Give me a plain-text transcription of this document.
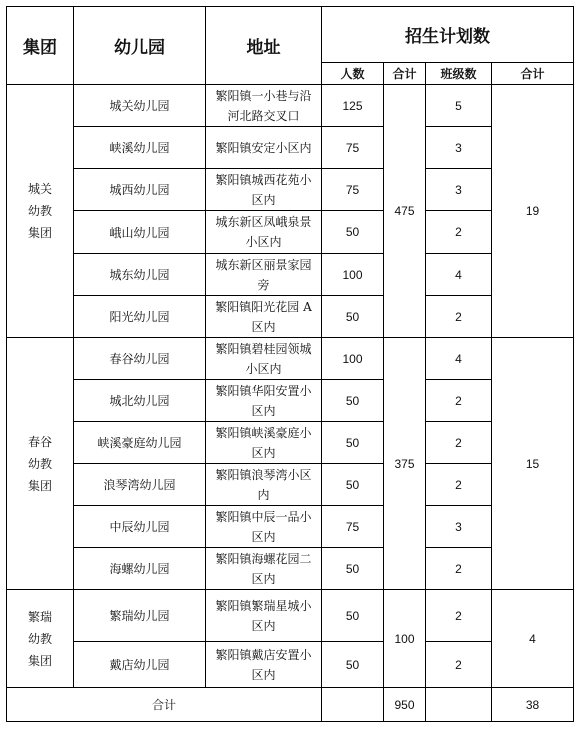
集团	幼儿园	地址	招生计划数			
			人数	合计	班级数	合计
城关幼教集团	城关幼儿园	繁阳镇一小巷与沿河北路交叉口	125	475	5	19
	峡溪幼儿园	繁阳镇安定小区内	75		3	
	城西幼儿园	繁阳镇城西花苑小区内	75		3	
	峨山幼儿园	城东新区凤峨泉景小区内	50		2	
	城东幼儿园	城东新区丽景家园旁	100		4	
	阳光幼儿园	繁阳镇阳光花园 A区内	50		2	
春谷幼教集团	春谷幼儿园	繁阳镇碧桂园领城小区内	100	375	4	15
	城北幼儿园	繁阳镇华阳安置小区内	50		2	
	峡溪豪庭幼儿园	繁阳镇峡溪豪庭小区内	50		2	
	浪琴湾幼儿园	繁阳镇浪琴湾小区内	50		2	
	中辰幼儿园	繁阳镇中辰一品小区内	75		3	
	海螺幼儿园	繁阳镇海螺花园二区内	50		2	
繁瑞幼教集团	繁瑞幼儿园	繁阳镇繁瑞星城小区内	50	100	2	4
	戴店幼儿园	繁阳镇戴店安置小区内	50		2	
合计				950		38
